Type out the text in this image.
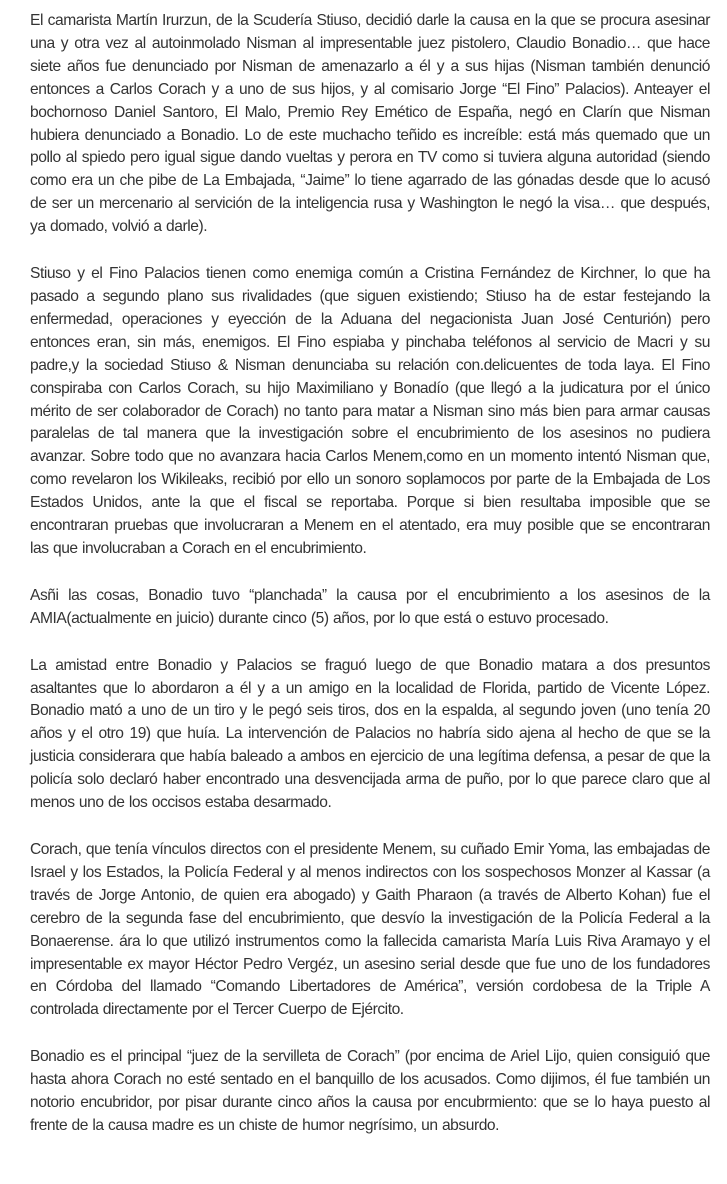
El camarista Martín Irurzun, de la Scudería Stiuso, decidió darle la causa en la que se procura asesinar una y otra vez al autoinmolado Nisman al impresentable juez pistolero, Claudio Bonadio… que hace siete años fue denunciado por Nisman de amenazarlo a él y a sus hijas (Nisman también denunció entonces a Carlos Corach y a uno de sus hijos, y al comisario Jorge “El Fino” Palacios). Anteayer el bochornoso Daniel Santoro, El Malo, Premio Rey Emético de España, negó en Clarín que Nisman hubiera denunciado a Bonadio. Lo de este muchacho teñido es increíble: está más quemado que un pollo al spiedo pero igual sigue dando vueltas y perora en TV como si tuviera alguna autoridad (siendo como era un che pibe de La Embajada, “Jaime” lo tiene agarrado de las gónadas desde que lo acusó de ser un mercenario al servición de la inteligencia rusa y Washington le negó la visa… que después, ya domado, volvió a darle).

Stiuso y el Fino Palacios tienen como enemiga común a Cristina Fernández de Kirchner, lo que ha pasado a segundo plano sus rivalidades (que siguen existiendo; Stiuso ha de estar festejando la enfermedad, operaciones y eyección de la Aduana del negacionista Juan José Centurión) pero entonces eran, sin más, enemigos. El Fino espiaba y pinchaba teléfonos al servicio de Macri y su padre,y la sociedad Stiuso & Nisman denunciaba su relación con.delicuentes de toda laya. El Fino conspiraba con Carlos Corach, su hijo Maximiliano y Bonadío (que llegó a la judicatura por el único mérito de ser colaborador de Corach) no tanto para matar a Nisman sino más bien para armar causas paralelas de tal manera que la investigación sobre el encubrimiento de los asesinos no pudiera avanzar. Sobre todo que no avanzara hacia Carlos Menem,como en un momento intentó Nisman que, como revelaron los Wikileaks, recibió por ello un sonoro soplamocos por parte de la Embajada de Los Estados Unidos, ante la que el fiscal se reportaba. Porque si bien resultaba imposible que se encontraran pruebas que involucraran a Menem en el atentado, era muy posible que se encontraran las que involucraban a Corach en el encubrimiento.

Asñi las cosas, Bonadio tuvo “planchada” la causa por el encubrimiento a los asesinos de la AMIA(actualmente en juicio) durante cinco (5) años, por lo que está o estuvo procesado.

La amistad entre Bonadio y Palacios se fraguó luego de que Bonadio matara a dos presuntos asaltantes que lo abordaron a él y a un amigo en la localidad de Florida, partido de Vicente López. Bonadio mató a uno de un tiro y le pegó seis tiros, dos en la espalda, al segundo joven (uno tenía 20 años y el otro 19) que huía. La intervención de Palacios no habría sido ajena al hecho de que se la justicia considerara que había baleado a ambos en ejercicio de una legítima defensa, a pesar de que la policía solo declaró haber encontrado una desvencijada arma de puño, por lo que parece claro que al menos uno de los occisos estaba desarmado.

Corach, que tenía vínculos directos con el presidente Menem, su cuñado Emir Yoma, las embajadas de Israel y los Estados, la Policía Federal y al menos indirectos con los sospechosos Monzer al Kassar (a través de Jorge Antonio, de quien era abogado) y Gaith Pharaon (a través de Alberto Kohan) fue el cerebro de la segunda fase del encubrimiento, que desvío la investigación de la Policía Federal a la Bonaerense. ára lo que utilizó instrumentos como la fallecida camarista María Luis Riva Aramayo y el impresentable ex mayor Héctor Pedro Vergéz, un asesino serial desde que fue uno de los fundadores en Córdoba del llamado “Comando Libertadores de América”, versión cordobesa de la Triple A controlada directamente por el Tercer Cuerpo de Ejército.

Bonadio es el principal “juez de la servilleta de Corach” (por encima de Ariel Lijo, quien consiguió que hasta ahora Corach no esté sentado en el banquillo de los acusados. Como dijimos, él fue también un notorio encubridor, por pisar durante cinco años la causa por encubrmiento: que se lo haya puesto al frente de la causa madre es un chiste de humor negrísimo, un absurdo.
